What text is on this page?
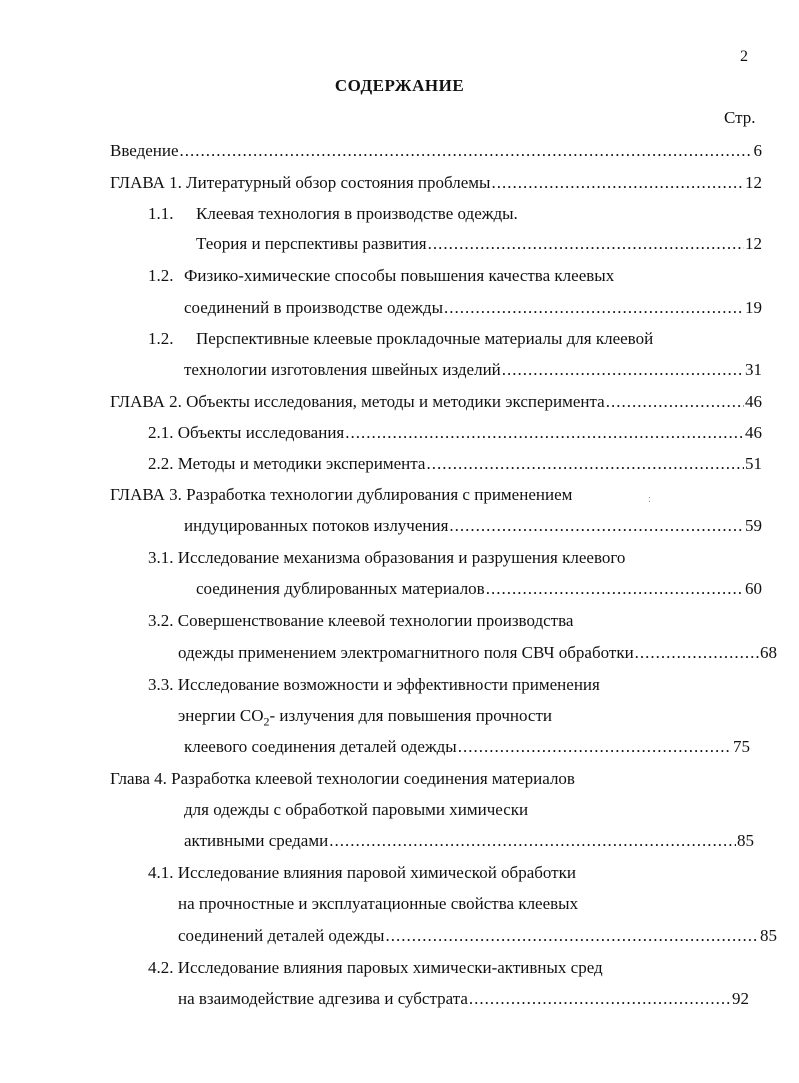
2
СОДЕРЖАНИЕ
Стр.
Введение .....	6
ГЛАВА 1. Литературный обзор состояния проблемы .....	12
1.1. Клеевая технология в производстве одежды.
Теория и перспективы развития .....	12
1.2. Физико-химические способы повышения качества клеевых
соединений в производстве одежды .....	19
1.2. Перспективные клеевые прокладочные материалы для клеевой
технологии изготовления швейных изделий .....	31
ГЛАВА 2. Объекты исследования, методы и методики эксперимента .....	46
2.1. Объекты исследования .....	46
2.2. Методы и методики эксперимента .....	51
ГЛАВА 3. Разработка технологии дублирования с применением	:
индуцированных потоков излучения .....	59
3.1. Исследование механизма образования и разрушения клеевого
соединения дублированных материалов .....	60
3.2. Совершенствование клеевой технологии производства
одежды применением электромагнитного поля СВЧ обработки .....	68
3.3. Исследование возможности и эффективности применения
энергии $СО_2-$ излучения для повышения прочности
клеевого соединения деталей одежды .....	75
Глава 4. Разработка клеевой технологии соединения материалов
для одежды с обработкой паровыми химически
активными средами .....	85
4.1. Исследование влияния паровой химической обработки
на прочностные и эксплуатационные свойства клеевых
соединений деталей одежды .....	85
4.2. Исследование влияния паровых химически-активных сред
на взаимодействие адгезива и субстрата .....	92
